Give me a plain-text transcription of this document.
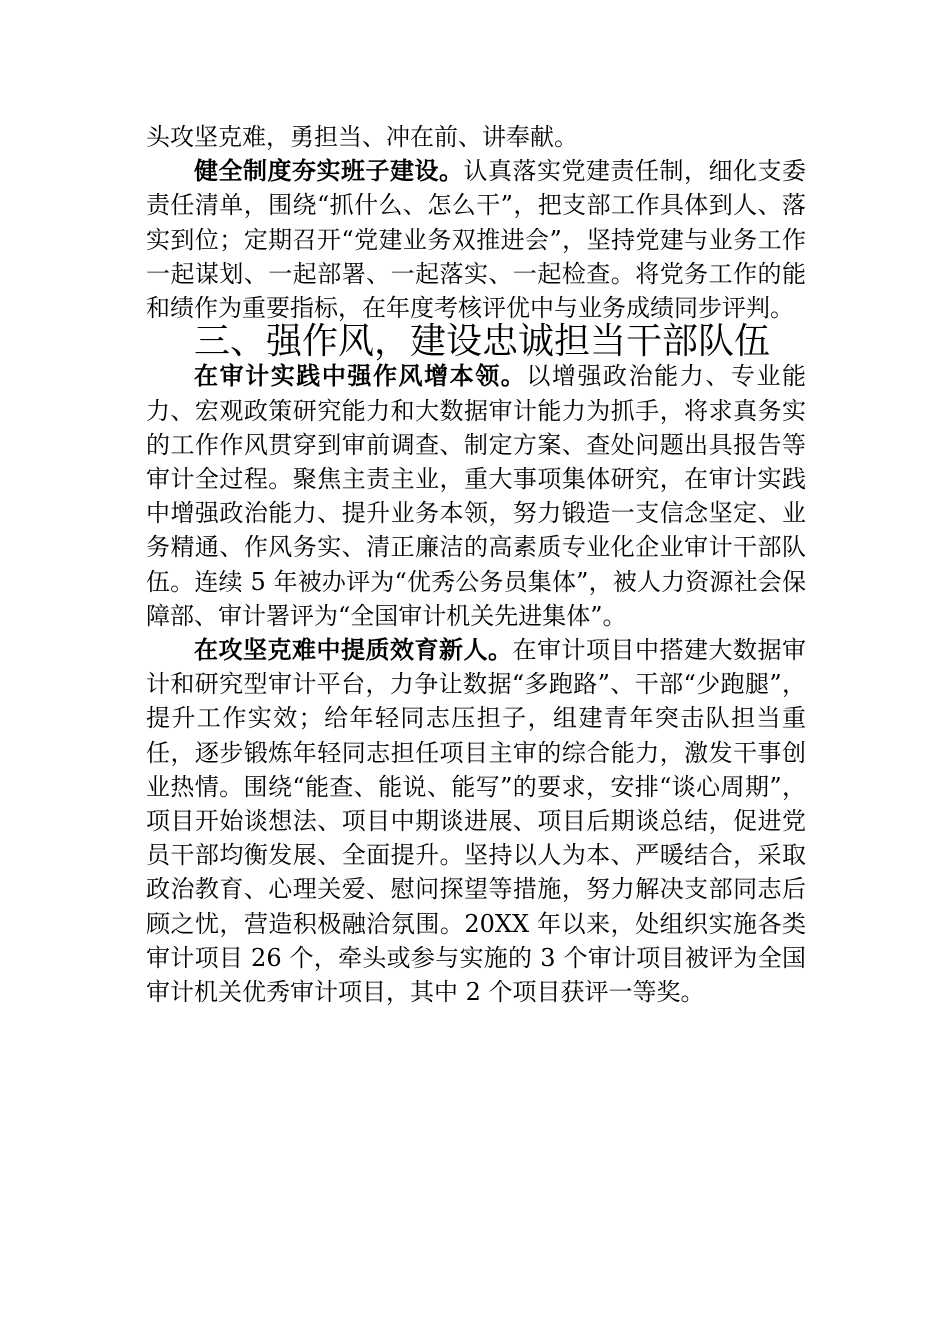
头攻坚克难，勇担当、冲在前、讲奉献。

健全制度夯实班子建设。认真落实党建责任制，细化支委责任清单，围绕“抓什么、怎么干”，把支部工作具体到人、落实到位；定期召开“党建业务双推进会”，坚持党建与业务工作一起谋划、一起部署、一起落实、一起检查。将党务工作的能和绩作为重要指标，在年度考核评优中与业务成绩同步评判。

三、强作风，建设忠诚担当干部队伍

在审计实践中强作风增本领。以增强政治能力、专业能力、宏观政策研究能力和大数据审计能力为抓手，将求真务实的工作作风贯穿到审前调查、制定方案、查处问题出具报告等审计全过程。聚焦主责主业，重大事项集体研究，在审计实践中增强政治能力、提升业务本领，努力锻造一支信念坚定、业务精通、作风务实、清正廉洁的高素质专业化企业审计干部队伍。连续 5 年被办评为“优秀公务员集体”，被人力资源社会保障部、审计署评为“全国审计机关先进集体”。

在攻坚克难中提质效育新人。在审计项目中搭建大数据审计和研究型审计平台，力争让数据“多跑路”、干部“少跑腿”，提升工作实效；给年轻同志压担子，组建青年突击队担当重任，逐步锻炼年轻同志担任项目主审的综合能力，激发干事创业热情。围绕“能查、能说、能写”的要求，安排“谈心周期”，项目开始谈想法、项目中期谈进展、项目后期谈总结，促进党员干部均衡发展、全面提升。坚持以人为本、严暖结合，采取政治教育、心理关爱、慰问探望等措施，努力解决支部同志后顾之忧，营造积极融洽氛围。20XX 年以来，处组织实施各类审计项目 26 个，牵头或参与实施的 3 个审计项目被评为全国审计机关优秀审计项目，其中 2 个项目获评一等奖。
